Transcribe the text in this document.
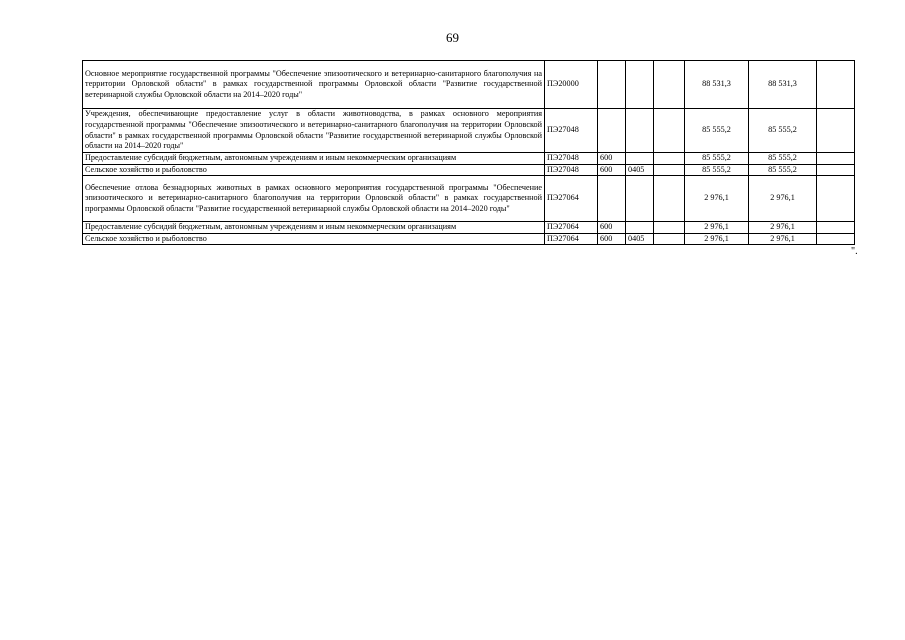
69
Основное мероприятие государственной программы "Обеспечение эпизоотического и ветеринарно-санитарного благополучия на территории Орловской области" в рамках государственной программы Орловской области "Развитие государственной ветеринарной службы Орловской области на 2014–2020 годы"	ПЭ20000				88 531,3	88 531,3	
Учреждения, обеспечивающие предоставление услуг в области животноводства, в рамках основного мероприятия государственной программы "Обеспечение эпизоотического и ветеринарно-санитарного благополучия на территории Орловской области" в рамках государственной программы Орловской области "Развитие государственной ветеринарной службы Орловской области на 2014–2020 годы"	ПЭ27048				85 555,2	85 555,2	
Предоставление субсидий бюджетным, автономным учреждениям и иным некоммерческим организациям	ПЭ27048	600			85 555,2	85 555,2	
Сельское хозяйство и рыболовство	ПЭ27048	600	0405		85 555,2	85 555,2	
Обеспечение отлова безнадзорных животных в рамках основного мероприятия государственной программы "Обеспечение эпизоотического и ветеринарно-санитарного благополучия на территории Орловской области" в рамках государственной программы Орловской области "Развитие государственной ветеринарной службы Орловской области на 2014–2020 годы"	ПЭ27064				2 976,1	2 976,1	
Предоставление субсидий бюджетным, автономным учреждениям и иным некоммерческим организациям	ПЭ27064	600			2 976,1	2 976,1	
Сельское хозяйство и рыболовство	ПЭ27064	600	0405		2 976,1	2 976,1	
".
